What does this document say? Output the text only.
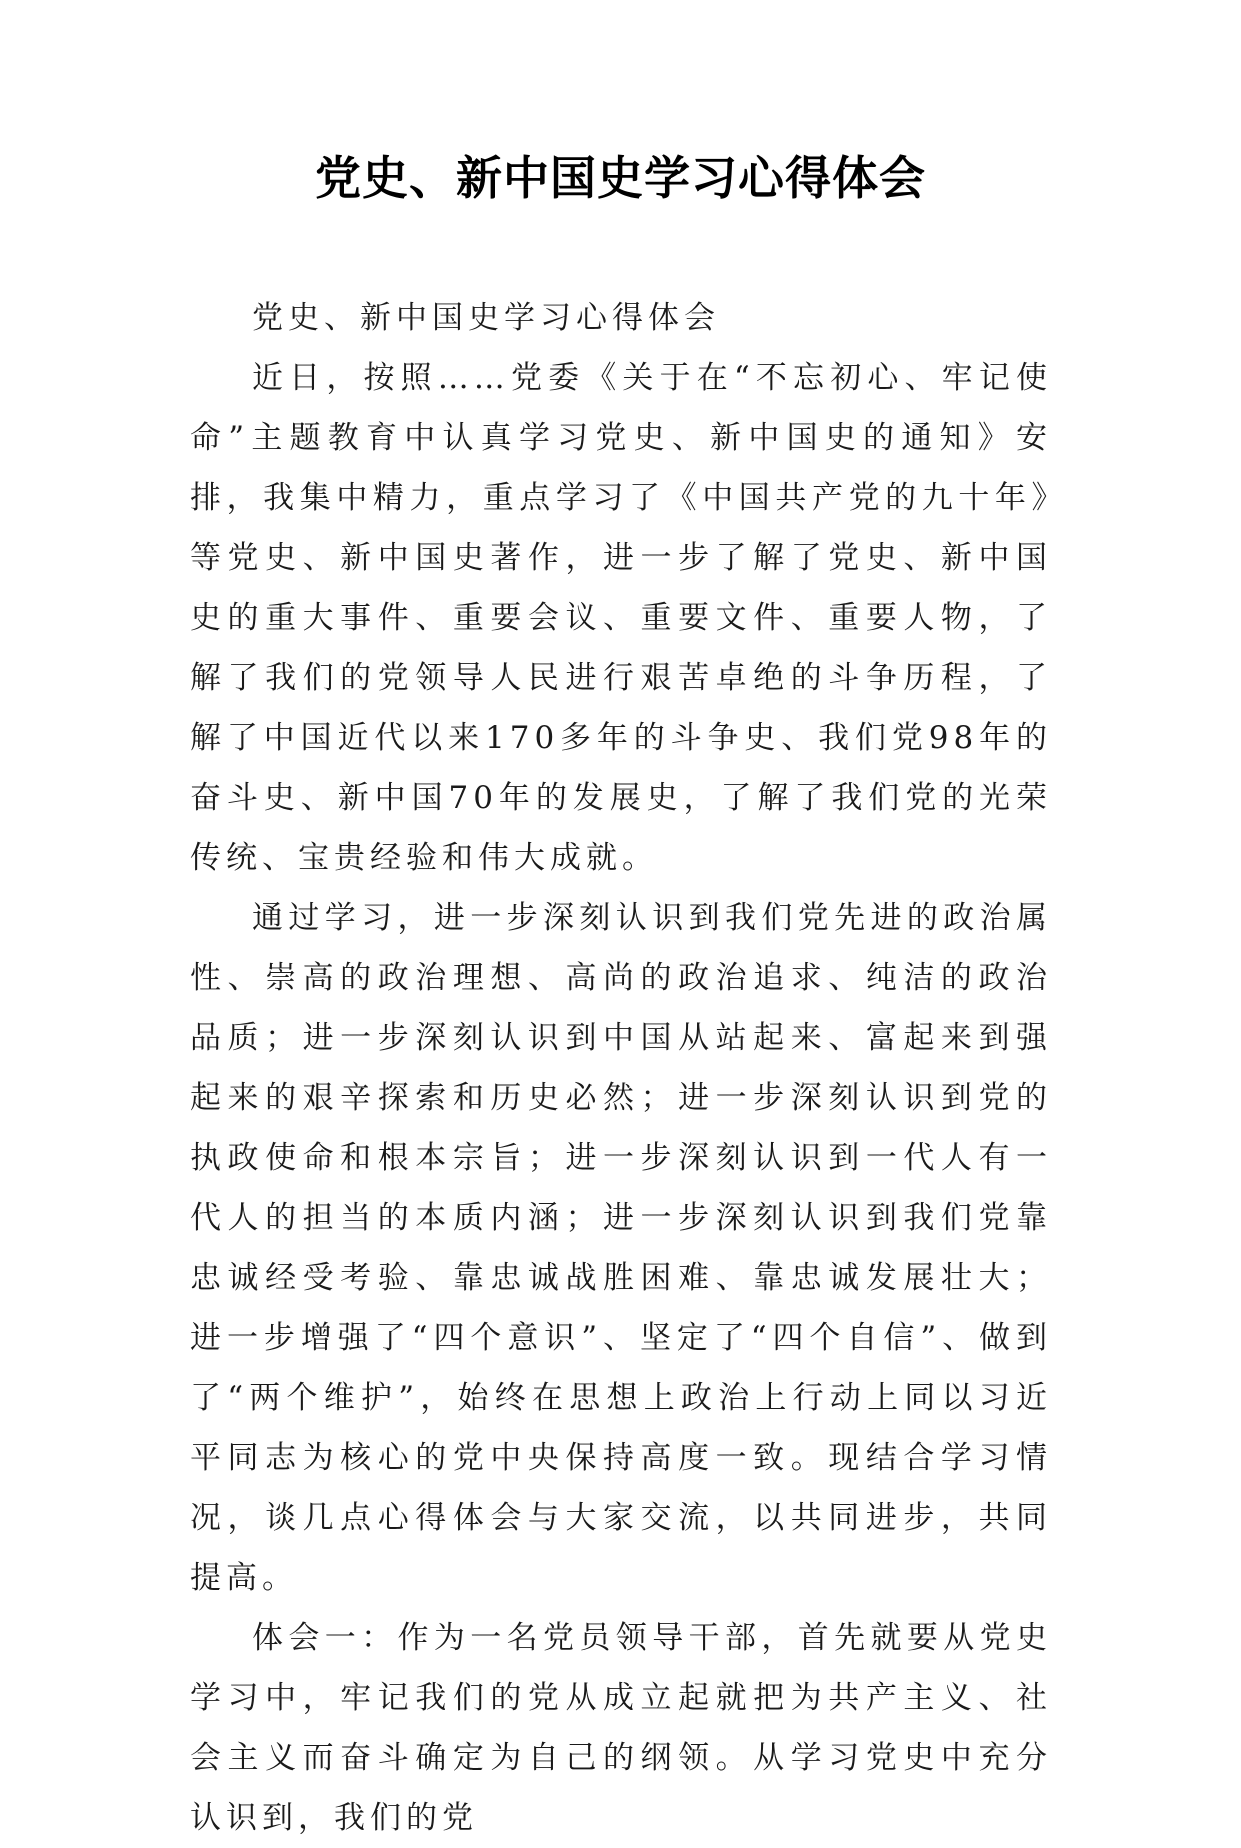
党史、新中国史学习心得体会

党史、新中国史学习心得体会

近日，按照……党委《关于在“不忘初心、牢记使命”主题教育中认真学习党史、新中国史的通知》安排，我集中精力，重点学习了《中国共产党的九十年》等党史、新中国史著作，进一步了解了党史、新中国史的重大事件、重要会议、重要文件、重要人物，了解了我们的党领导人民进行艰苦卓绝的斗争历程，了解了中国近代以来170多年的斗争史、我们党98年的奋斗史、新中国70年的发展史，了解了我们党的光荣传统、宝贵经验和伟大成就。

通过学习，进一步深刻认识到我们党先进的政治属性、崇高的政治理想、高尚的政治追求、纯洁的政治品质；进一步深刻认识到中国从站起来、富起来到强起来的艰辛探索和历史必然；进一步深刻认识到党的执政使命和根本宗旨；进一步深刻认识到一代人有一代人的担当的本质内涵；进一步深刻认识到我们党靠忠诚经受考验、靠忠诚战胜困难、靠忠诚发展壮大；进一步增强了“四个意识”、坚定了“四个自信”、做到了“两个维护”，始终在思想上政治上行动上同以习近平同志为核心的党中央保持高度一致。现结合学习情况，谈几点心得体会与大家交流，以共同进步，共同提高。

体会一：作为一名党员领导干部，首先就要从党史学习中，牢记我们的党从成立起就把为共产主义、社会主义而奋斗确定为自己的纲领。从学习党史中充分认识到，我们的党
